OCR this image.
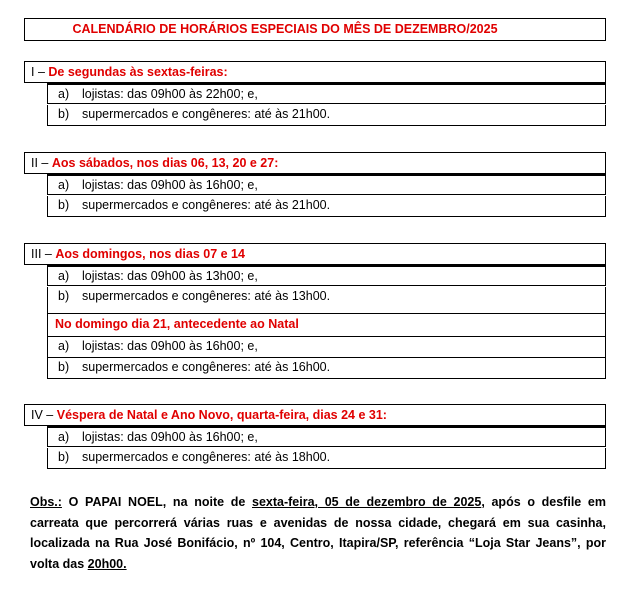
CALENDÁRIO DE HORÁRIOS ESPECIAIS DO MÊS DE DEZEMBRO/2025
I – De segundas às sextas-feiras:
a) lojistas: das 09h00 às 22h00; e,
b) supermercados e congêneres: até às 21h00.
II – Aos sábados, nos dias 06, 13, 20 e 27:
a) lojistas: das 09h00 às 16h00; e,
b) supermercados e congêneres: até às 21h00.
III – Aos domingos, nos dias 07 e 14
a) lojistas: das 09h00 às 13h00; e,
b) supermercados e congêneres: até às 13h00.
No domingo dia 21, antecedente ao Natal
a) lojistas: das 09h00 às 16h00; e,
b) supermercados e congêneres: até às 16h00.
IV – Véspera de Natal e Ano Novo, quarta-feira, dias 24 e 31:
a) lojistas: das 09h00 às 16h00; e,
b) supermercados e congêneres: até às 18h00.
Obs.: O PAPAI NOEL, na noite de sexta-feira, 05 de dezembro de 2025, após o desfile em carreata que percorrerá várias ruas e avenidas de nossa cidade, chegará em sua casinha, localizada na Rua José Bonifácio, nº 104, Centro, Itapira/SP, referência “Loja Star Jeans”, por volta das 20h00.
